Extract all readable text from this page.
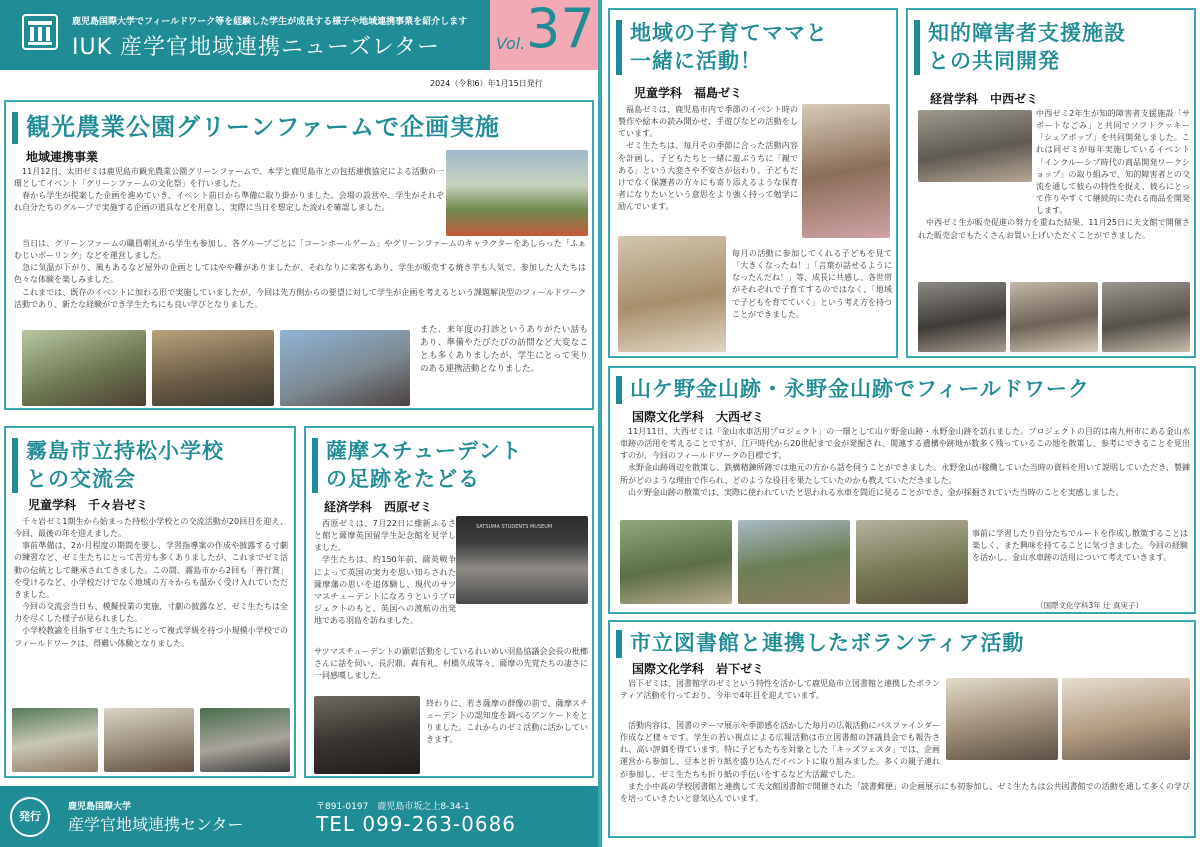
鹿児島国際大学でフィールドワーク等を経験した学生が成長する様子や地域連携事業を紹介します
IUK 産学官地域連携ニューズレター	Vol. 37
2024（令和6）年1月15日発行
観光農業公園グリーンファームで企画実施
地域連携事業

11月12日、太田ゼミは鹿児島市観光農業公園グリーンファームで、本学と鹿児島市との包括連携協定による活動の一環としてイベント「グリーンファームの文化祭」を行いました。

春から学生が提案した企画を進めていき、イベント前日から準備に取り掛かりました。会場の設営や、学生がそれぞれ自分たちのグループで実施する企画の道具などを用意し、実際に当日を想定した流れを確認しました。

当日は、グリーンファームの職員朝礼から学生も参加し、各グループごとに「コーンホールゲーム」やグリーンファームのキャラクターをあしらった「ふぁむじいボーリング」などを運営しました。

急に気温が下がり、風もあるなど屋外の企画としてはやや難がありましたが、それなりに来客もあり、学生が販売する焼き芋も人気で、参加した人たちは色々な体験を楽しみました。

これまでは、既存のイベントに加わる形で実施していましたが、今回は先方側からの要望に対して学生が企画を考えるという課題解決型のフィールドワーク活動であり、新たな経験ができ学生たちにも良い学びとなりました。

また、来年度の打診というありがたい話もあり、準備やたびたびの訪問など大変なことも多くありましたが、学生にとって実りのある連携活動となりました。
霧島市立持松小学校
との交流会
児童学科　千々岩ゼミ

千々岩ゼミ1期生から始まった持松小学校との交流活動が20回目を迎え、今回、最後の年を迎えました。

事前準備は、2か月程度の期間を要し、学習指導案の作成や披露する寸劇の練習など、ゼミ生たちにとって苦労も多くありましたが、これまでゼミ活動の伝統として継承されてきました。この間、霧島市から2回も「善行賞」を受けるなど、小学校だけでなく地域の方々からも温かく受け入れていただきました。

今回の交流会当日も、模擬授業の実施、寸劇の披露など、ゼミ生たちは全力を尽くした様子が見られました。

小学校教諭を目指すゼミ生たちにとって複式学級を持つ小規模小学校でのフィールドワークは、得難い体験となりました。

薩摩スチューデント
の足跡をたどる
経済学科　西原ゼミ

西原ゼミは、7月22日に維新ふるさと館と薩摩英国留学生記念館を見学しました。

学生たちは、約150年前、薩英戦争によって英国の実力を思い知らされた薩摩藩の思いを追体験し、現代のサツマスチューデントになろうというプロジェクトのもと、英国への渡航の出発地である羽島を訪ねました。

SATSUMA STUDENTS MUSEUM
サツマスチューデントの顕彰活動をしているれいめい羽島協議会会長の枇榔さんに話を伺い、長沢鼎、森有礼、村橋久成等々、薩摩の先覚たちの凄さに一同感嘆しました。
終わりに、若き薩摩の群像の前で、薩摩スチューデントの認知度を調べるアンケートをとりました。これからのゼミ活動に活かしていきます。
発行
鹿児島国際大学
産学官地域連携センター
〒891-0197　鹿児島市坂之上8-34-1
TEL 099-263-0686
地域の子育てママと
一緒に活動！
児童学科　福島ゼミ

福島ゼミは、鹿児島市内で季節のイベント時の製作や絵本の読み聞かせ、手遊びなどの活動をしています。

ゼミ生たちは、毎月その季節に合った活動内容を計画し、子どもたちと一緒に遊ぶうちに「親である」という大変さや不安さが伝わり、子どもだけでなく保護者の方々にも寄り添えるような保育者になりたいという意思をより強く持って勉学に励んでいます。

毎月の活動に参加してくれる子どもを見て「大きくなったね！」「言葉が話せるようになったんだね！」等、成長に共感し、各世帯がそれぞれで子育てするのではなく、「地域で子どもを育てていく」という考え方を持つことができました。
知的障害者支援施設
との共同開発
経営学科　中西ゼミ

中西ゼミ2年生が知的障害者支援施設「サポートなごみ」と共同でソフトクッキー「シェアポップ」を共同開発しました。これは同ゼミが毎年実施しているイベント「インクルーシブ時代の商品開発ワークショップ」の取り組みで、知的障害者との交流を通して彼らの特性を捉え、彼らにとって作りやすくて継続的に売れる商品を開発します。

中西ゼミ生が販売促進の努力を重ねた結果、11月25日に天文館で開催された販売会でもたくさんお買い上げいただくことができました。

山ケ野金山跡・永野金山跡でフィールドワーク
国際文化学科　大西ゼミ

11月11日、大西ゼミは「金山水車活用プロジェクト」の一環として山ケ野金山跡・永野金山跡を訪れました。プロジェクトの目的は南九州市にある金山水車跡の活用を考えることですが、江戸時代から20世紀まで金が発掘され、関連する遺構や跡地が数多く残っているこの地を散策し、参考にできることを見出すのが、今回のフィールドワークの目標です。

永野金山跡周辺を散策し、鉄構精錬所跡では地元の方から話を伺うことができました。永野金山が稼働していた当時の資料を用いて説明していただき、製錬所がどのような理由で作られ、どのような役目を果たしていたのかも教えていただきました。

山ケ野金山跡の散策では、実際に使われていたと思われる水車を間近に見ることができ、金が採掘されていた当時のことを実感しました。

事前に学習したり自分たちでルートを作成し散策することは楽しく、また興味を持てることに気づきました。今回の経験を活かし、金山水車跡の活用について考えていきます。
（国際文化学科3年 辻 真実子）
市立図書館と連携したボランティア活動
国際文化学科　岩下ゼミ

岩下ゼミは、図書館学のゼミという特性を活かして鹿児島市立図書館と連携したボランティア活動を行っており、今年で4年目を迎えています。

活動内容は、図書のテーマ展示や季節感を活かした毎月の広報活動にパスファインダー作成など様々です。学生の若い視点による広報活動は市立図書館の評議員会でも報告され、高い評価を得ています。特に子どもたちを対象とした「キッズフェスタ」では、企画運営から参加し、豆本と折り紙を盛り込んだイベントに取り組みました。多くの親子連れが参加し、ゼミ生たちも折り紙の手伝いをするなど大活躍でした。

また小中高の学校図書館と連携して天文館図書館で開催された「読書郵便」の企画展示にも初参加し、ゼミ生たちは公共図書館での活動を通して多くの学びを培っていきたいと意気込んでいます。
